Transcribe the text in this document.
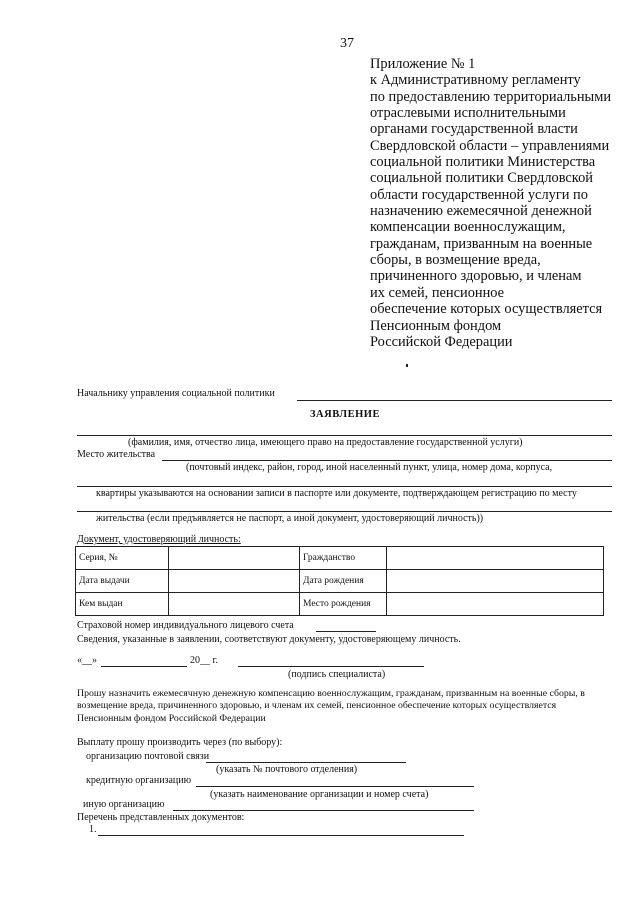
37
Приложение № 1
к Административному регламенту
по предоставлению территориальными
отраслевыми исполнительными
органами государственной власти
Свердловской области – управлениями
социальной политики Министерства
социальной политики Свердловской
области государственной услуги по
назначению ежемесячной денежной
компенсации военнослужащим,
гражданам, призванным на военные
сборы, в возмещение вреда,
причиненного здоровью, и членам
их семей, пенсионное
обеспечение которых осуществляется
Пенсионным фондом
Российской Федерации
Начальнику управления социальной политики
ЗАЯВЛЕНИЕ
(фамилия, имя, отчество лица, имеющего право на предоставление государственной услуги)
Место жительства
(почтовый индекс, район, город, иной населенный пункт, улица, номер дома, корпуса,
квартиры указываются на основании записи в паспорте или документе, подтверждающем регистрацию по месту
жительства (если предъявляется не паспорт, а иной документ, удостоверяющий личность))
Документ, удостоверяющий личность:
Серия, №		Гражданство	
Дата выдачи		Дата рождения	
Кем выдан		Место рождения	
Страховой номер индивидуального лицевого счета
Сведения, указанные в заявлении, соответствуют документу, удостоверяющему личность.
«__»	20__ г.
(подпись специалиста)
Прошу назначить ежемесячную денежную компенсацию военнослужащим, гражданам, призванным на военные сборы, в возмещение вреда, причиненного здоровью, и членам их семей, пенсионное обеспечение которых осуществляется Пенсионным фондом Российской Федерации
Выплату прошу производить через (по выбору):
организацию почтовой связи
(указать № почтового отделения)
кредитную организацию
(указать наименование организации и номер счета)
иную организацию
Перечень представленных документов:
1.
